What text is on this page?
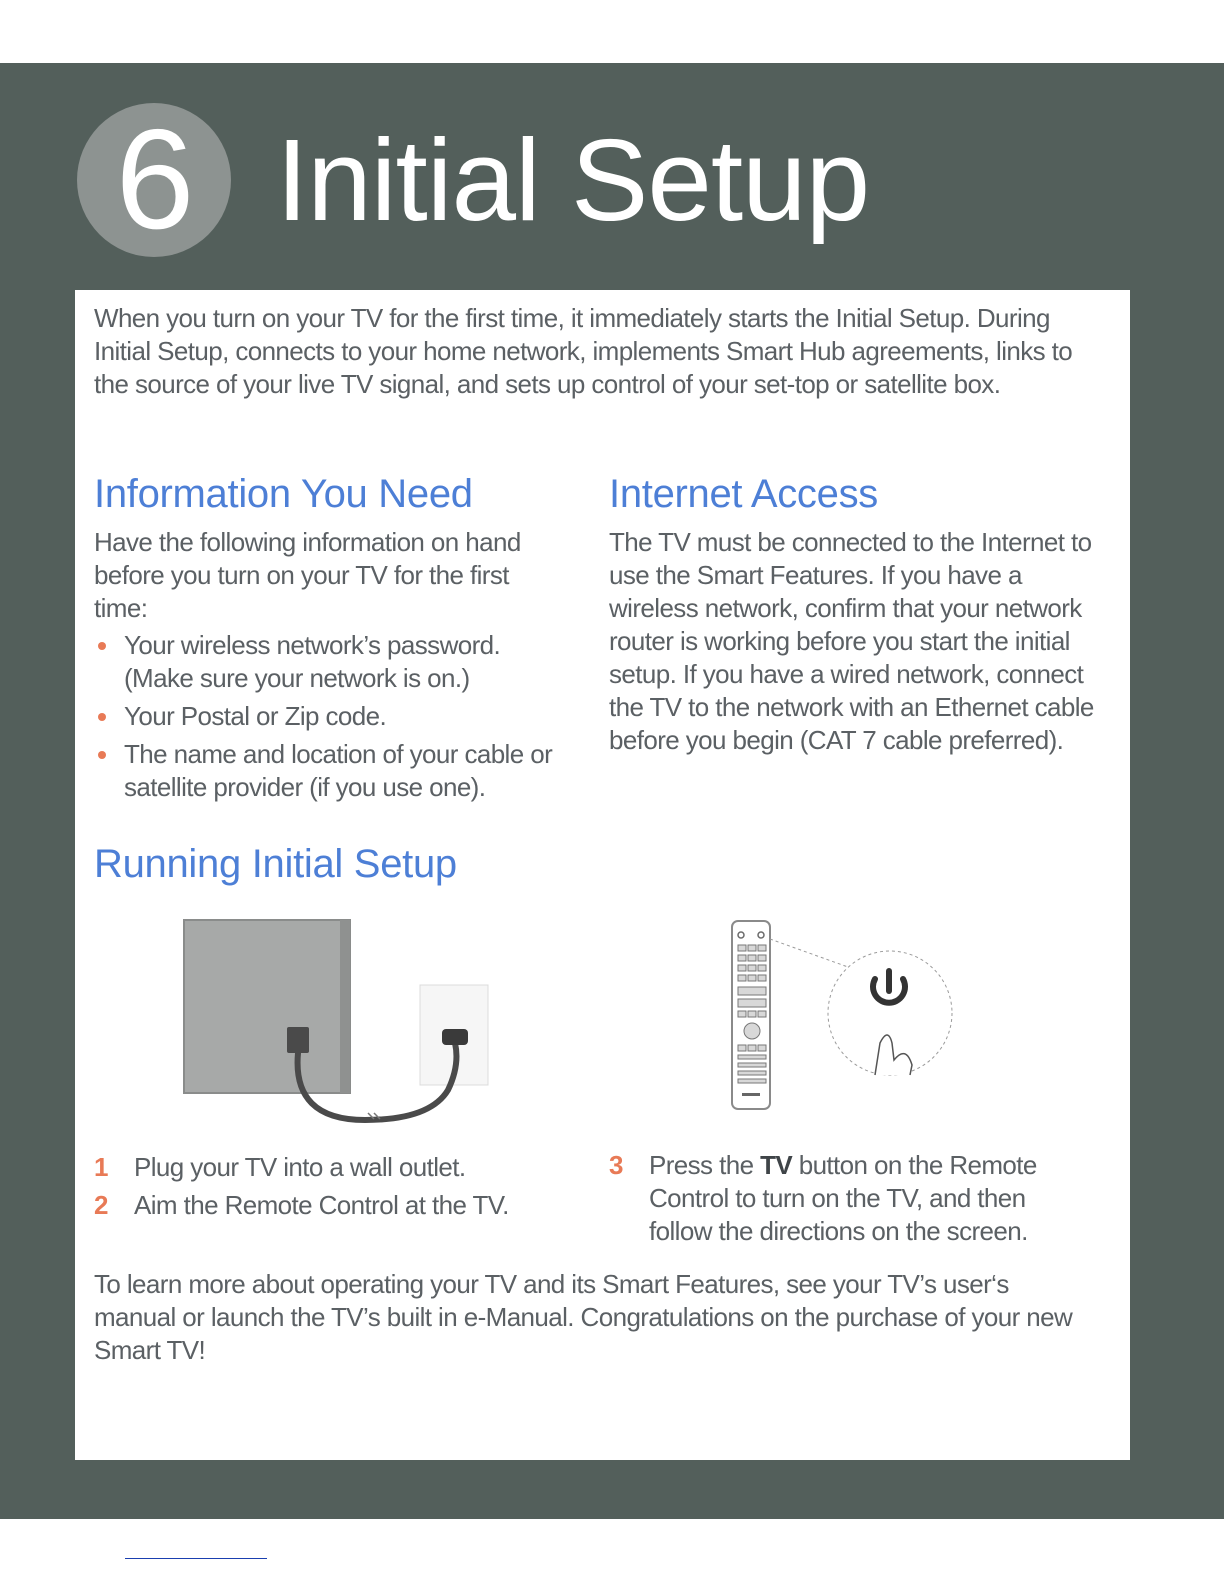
6 Initial Setup
When you turn on your TV for the first time, it immediately starts the Initial Setup. During Initial Setup, connects to your home network, implements Smart Hub agreements, links to the source of your live TV signal, and sets up control of your set-top or satellite box.
Information You Need
Have the following information on hand before you turn on your TV for the first time:
Your wireless network’s password. (Make sure your network is on.)
Your Postal or Zip code.
The name and location of your cable or satellite provider (if you use one).
Internet Access
The TV must be connected to the Internet to use the Smart Features. If you have a wireless network, confirm that your network router is working before you start the initial setup. If you have a wired network, connect the TV to the network with an Ethernet cable before you begin (CAT 7 cable preferred).
Running Initial Setup
1	Plug your TV into a wall outlet.
2	Aim the Remote Control at the TV.
3	Press the TV button on the Remote Control to turn on the TV, and then follow the directions on the screen.
To learn more about operating your TV and its Smart Features, see your TV’s user‘s manual or launch the TV’s built in e-Manual. Congratulations on the purchase of your new Smart TV!
